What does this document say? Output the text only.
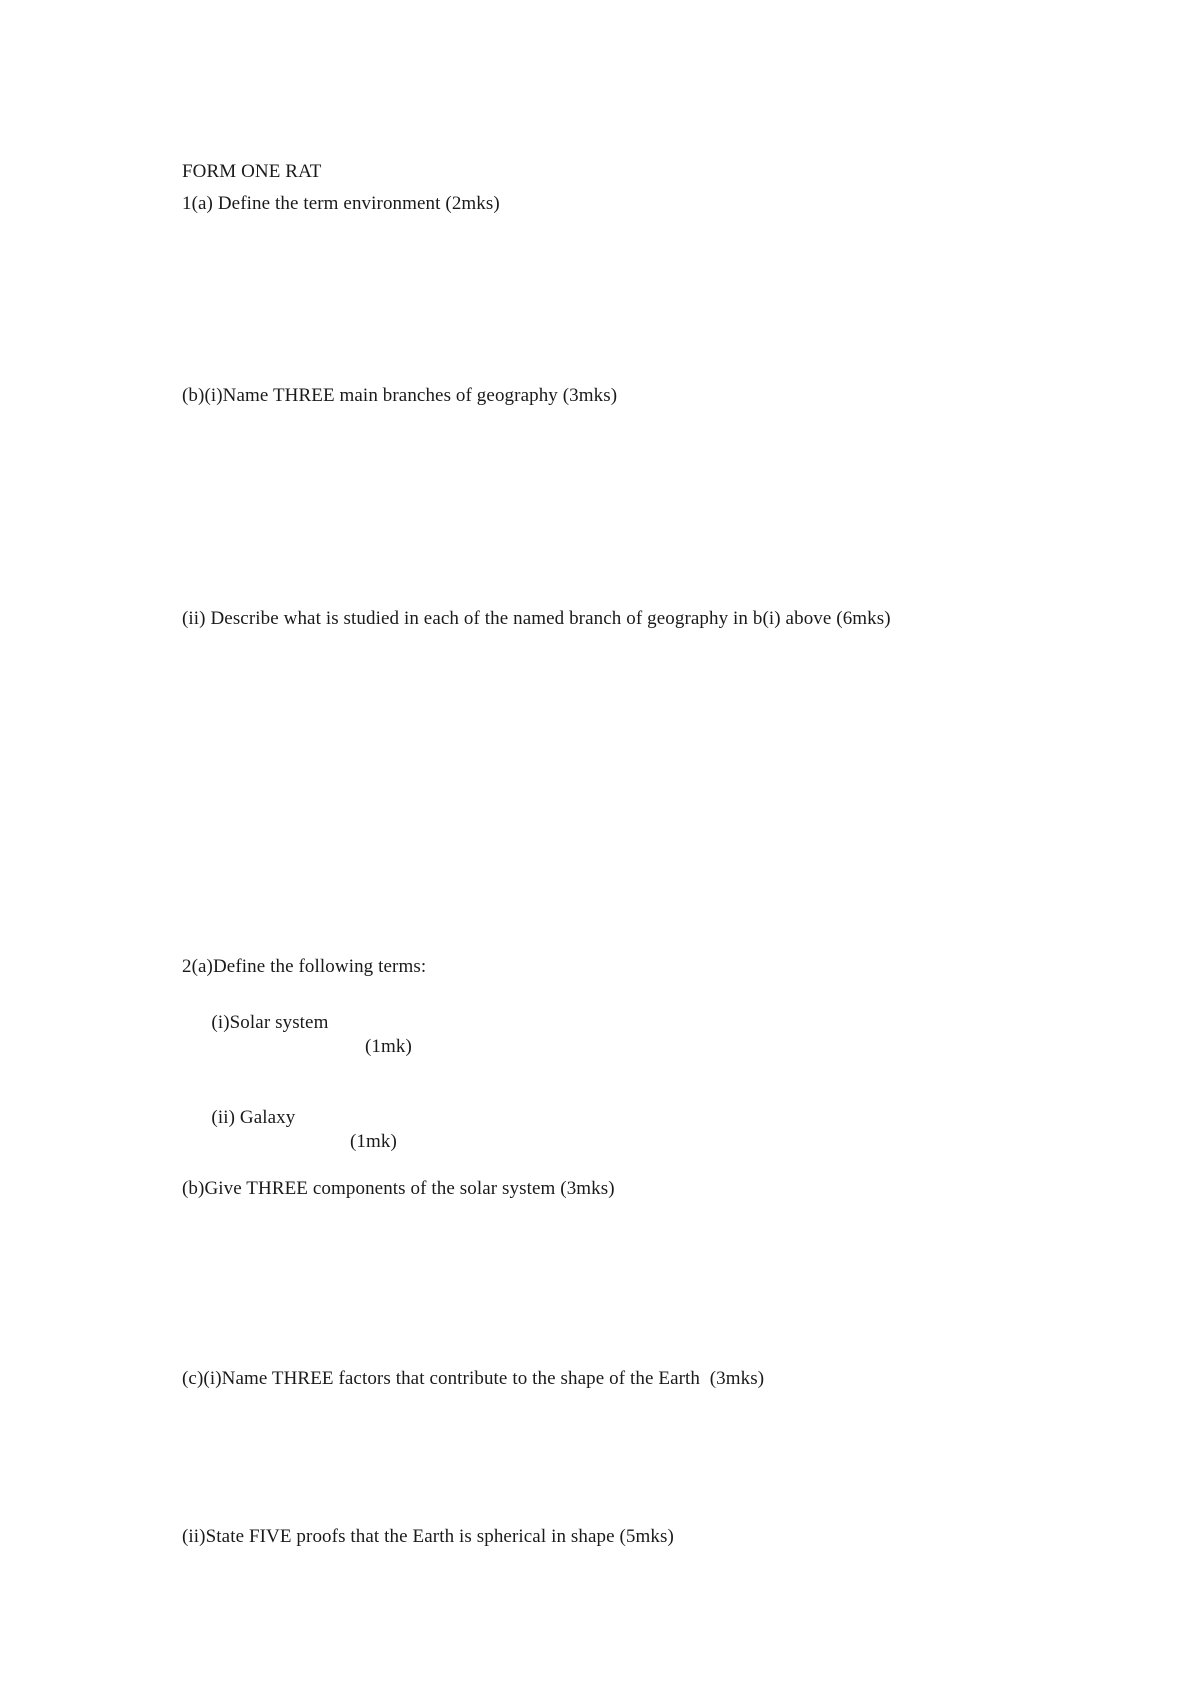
FORM ONE RAT
1(a) Define the term environment (2mks)
(b)(i)Name THREE main branches of geography (3mks)
(ii) Describe what is studied in each of the named branch of geography in b(i) above (6mks)
2(a)Define the following terms:

(i)Solar system

(1mk)

(ii) Galaxy

(1mk)

(b)Give THREE components of the solar system (3mks)
(c)(i)Name THREE factors that contribute to the shape of the Earth  (3mks)
(ii)State FIVE proofs that the Earth is spherical in shape (5mks)
